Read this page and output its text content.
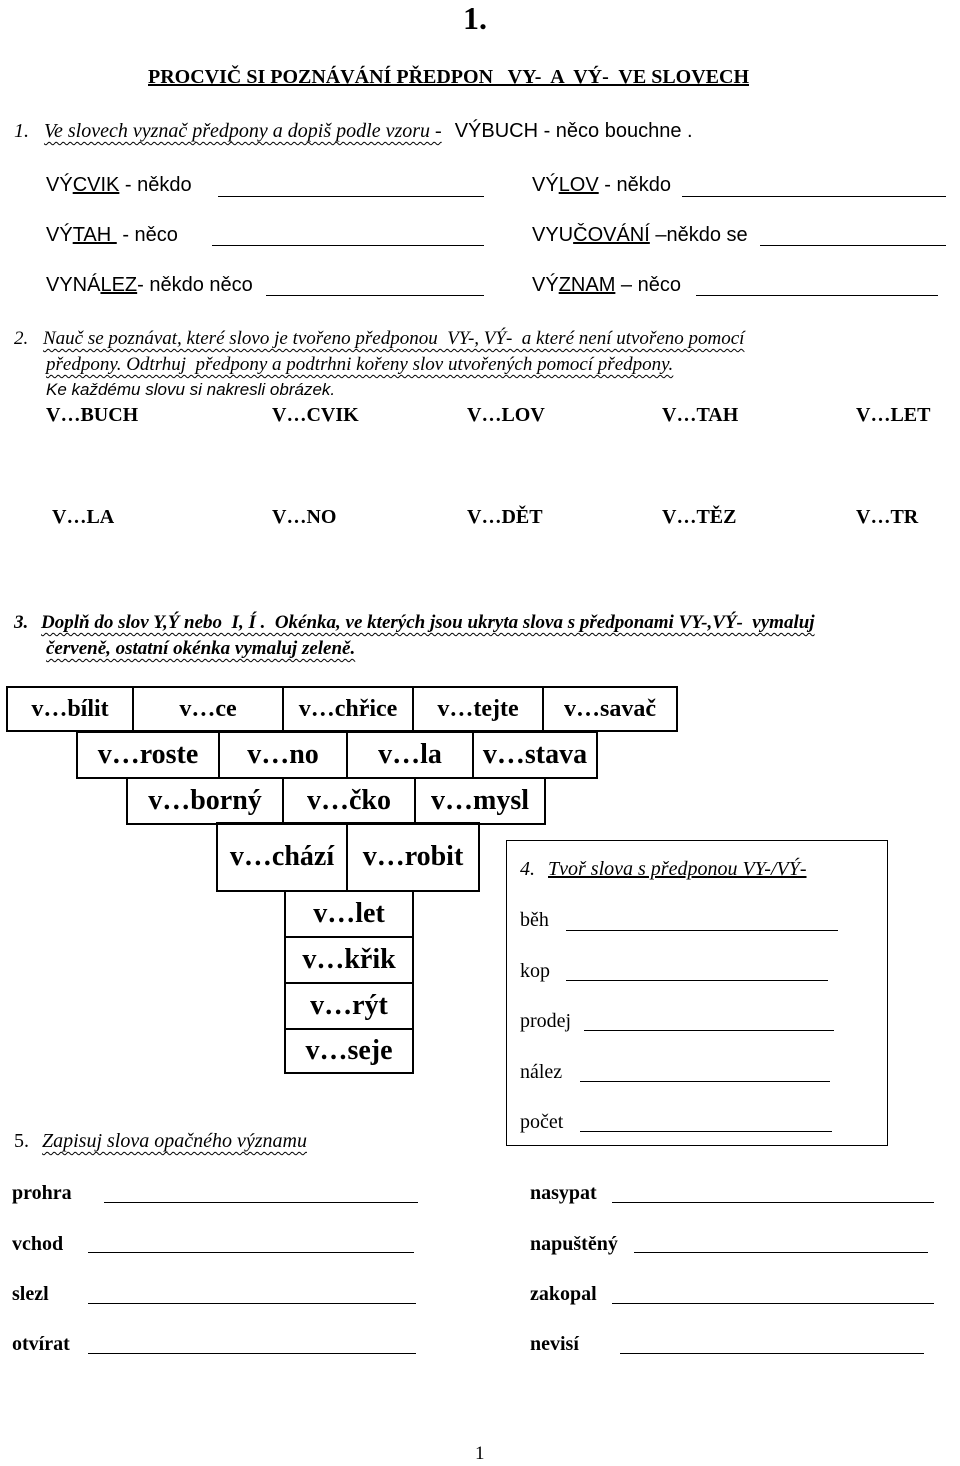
1.
PROCVIČ SI POZNÁVÁNÍ PŘEDPON   VY-  A  VÝ-  VE SLOVECH
1. Ve slovech vyznač předpony a dopiš podle vzoru - VÝBUCH - něco bouchne .
VÝCVIK - někdo	VÝLOV - někdo
VÝTAH  - něco	VYUČOVÁNÍ –někdo se
VYNÁLEZ- někdo něco	VÝZNAM – něco
2. Nauč se poznávat, které slovo je tvořeno předponou  VY-, VÝ-  a které není utvořeno pomocí
předpony. Odtrhuj  předpony a podtrhni kořeny slov utvořených pomocí předpony.
Ke každému slovu si nakresli obrázek.
V…BUCH	V…CVIK	V…LOV	V…TAH	V…LET
V…LA	V…NO	V…DĚT	V…TĚZ	V…TR
3. Doplň do slov Y,Ý nebo  I, Í .  Okénka, ve kterých jsou ukryta slova s předponami VY-,VÝ-  vymaluj
červeně, ostatní okénka vymaluj zeleně.
v…bílit	v…ce	v…chřice	v…tejte	v…savač
v…roste	v…no	v…la	v…stava
v…borný	v…čko	v…mysl
v…chází	v…robit
v…let
v…křik
v…rýt
v…seje
4. Tvoř slova s předponou VY-/VÝ-
běh
kop
prodej
nález
počet
5. Zapisuj slova opačného významu
prohra
vchod
slezl
otvírat
nasypat
napuštěný
zakopal
nevisí
1
